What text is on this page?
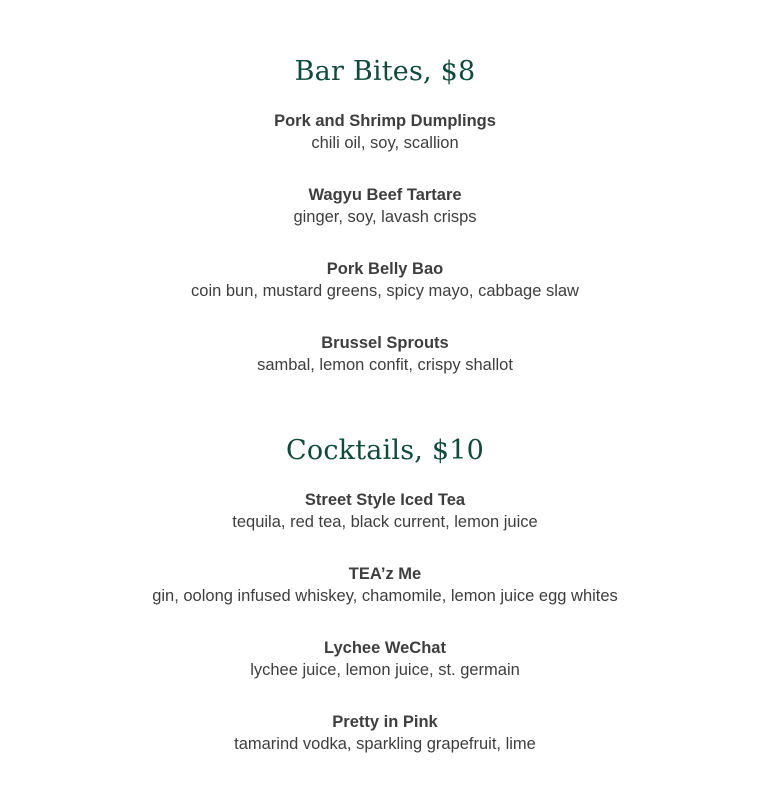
Bar Bites, $8
Pork and Shrimp Dumplings
chili oil, soy, scallion
Wagyu Beef Tartare
ginger, soy, lavash crisps
Pork Belly Bao
coin bun, mustard greens, spicy mayo, cabbage slaw
Brussel Sprouts
sambal, lemon confit, crispy shallot
Cocktails, $10
Street Style Iced Tea
tequila, red tea, black current, lemon juice
TEA’z Me
gin, oolong infused whiskey, chamomile, lemon juice egg whites
Lychee WeChat
lychee juice, lemon juice, st. germain
Pretty in Pink
tamarind vodka, sparkling grapefruit, lime
